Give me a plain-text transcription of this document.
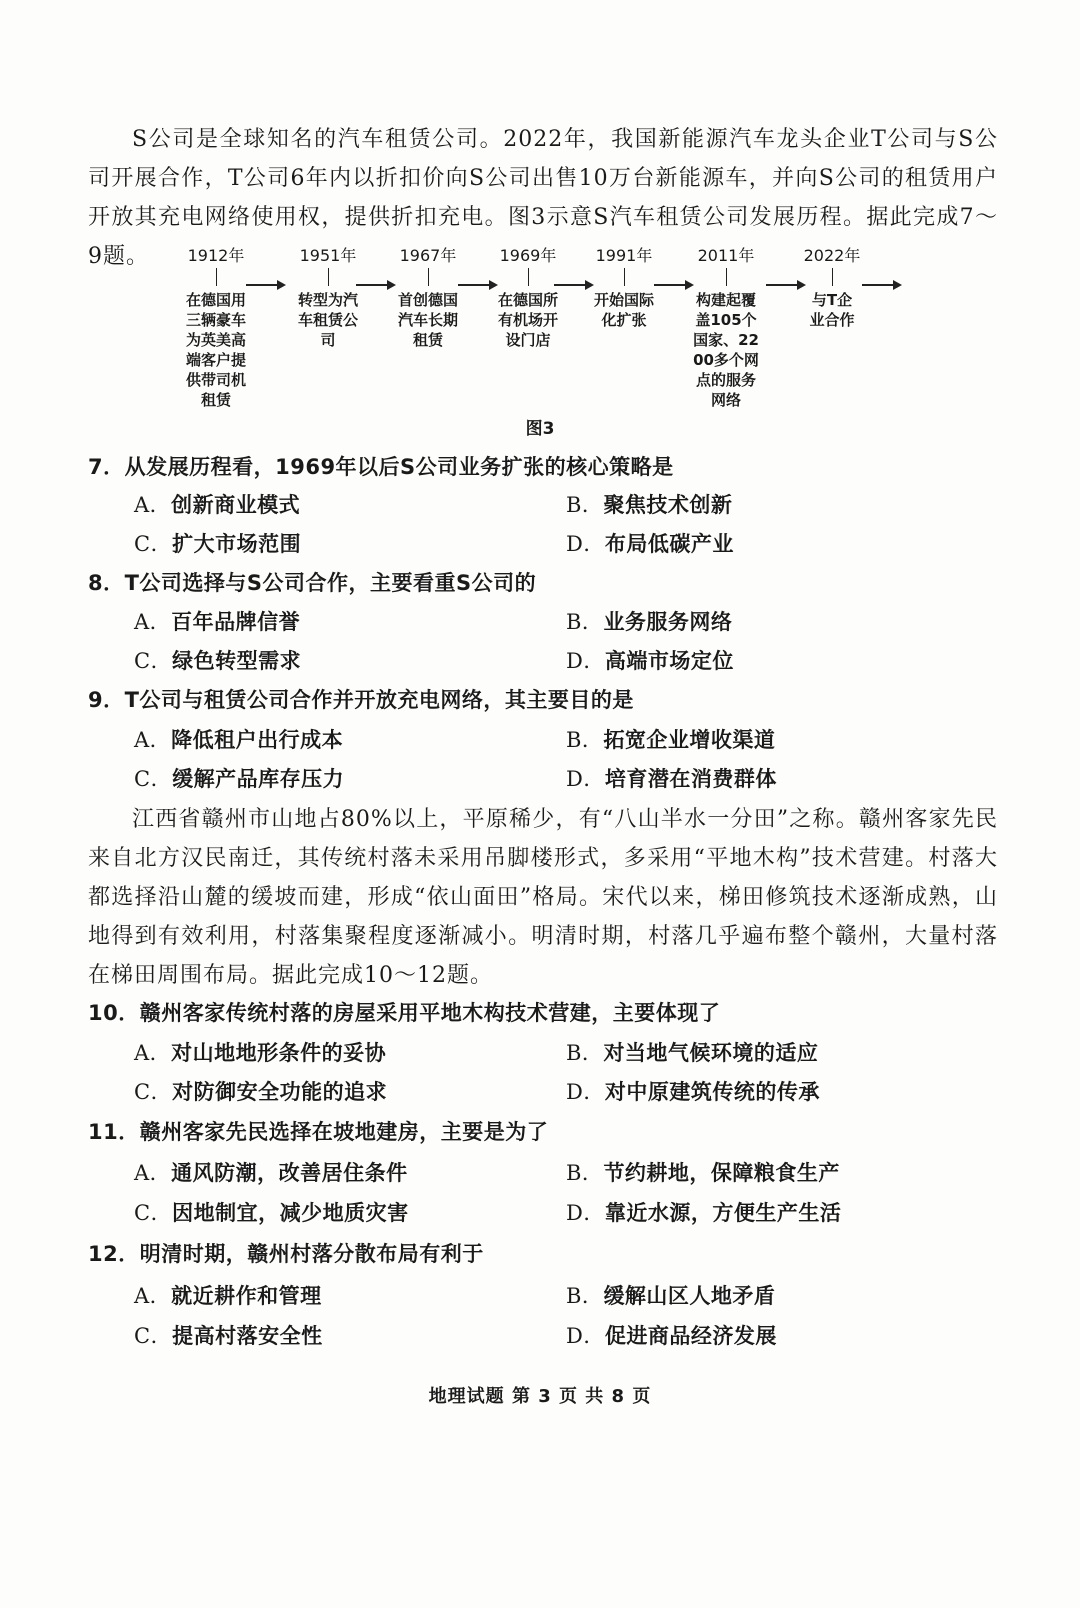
S公司是全球知名的汽车租赁公司。2022年，我国新能源汽车龙头企业T公司与S公司开展合作，T公司6年内以折扣价向S公司出售10万台新能源车，并向S公司的租赁用户开放其充电网络使用权，提供折扣充电。图3示意S汽车租赁公司发展历程。据此完成7～9题。	1912年
在德国用三辆豪车为英美高端客户提供带司机租赁
1951年
转型为汽车租赁公司
1967年
首创德国汽车长期租赁
1969年
在德国所有机场开设门店
1991年
开始国际化扩张
2011年
构建起覆盖105个国家、2200多个网点的服务网络
2022年
与T企业合作
图3

7．从发展历程看，1969年以后S公司业务扩张的核心策略是

A．创新商业模式	B．聚焦技术创新

C．扩大市场范围	D．布局低碳产业

8．T公司选择与S公司合作，主要看重S公司的

A．百年品牌信誉	B．业务服务网络

C．绿色转型需求	D．高端市场定位

9．T公司与租赁公司合作并开放充电网络，其主要目的是

A．降低租户出行成本	B．拓宽企业增收渠道

C．缓解产品库存压力	D．培育潜在消费群体

江西省赣州市山地占80%以上，平原稀少，有“八山半水一分田”之称。赣州客家先民来自北方汉民南迁，其传统村落未采用吊脚楼形式，多采用“平地木构”技术营建。村落大都选择沿山麓的缓坡而建，形成“依山面田”格局。宋代以来，梯田修筑技术逐渐成熟，山地得到有效利用，村落集聚程度逐渐减小。明清时期，村落几乎遍布整个赣州，大量村落在梯田周围布局。据此完成10～12题。

10．赣州客家传统村落的房屋采用平地木构技术营建，主要体现了

A．对山地地形条件的妥协	B．对当地气候环境的适应

C．对防御安全功能的追求	D．对中原建筑传统的传承

11．赣州客家先民选择在坡地建房，主要是为了

A．通风防潮，改善居住条件	B．节约耕地，保障粮食生产

C．因地制宜，减少地质灾害	D．靠近水源，方便生产生活

12．明清时期，赣州村落分散布局有利于

A．就近耕作和管理	B．缓解山区人地矛盾

C．提高村落安全性	D．促进商品经济发展

地理试题 第 3 页 共 8 页
